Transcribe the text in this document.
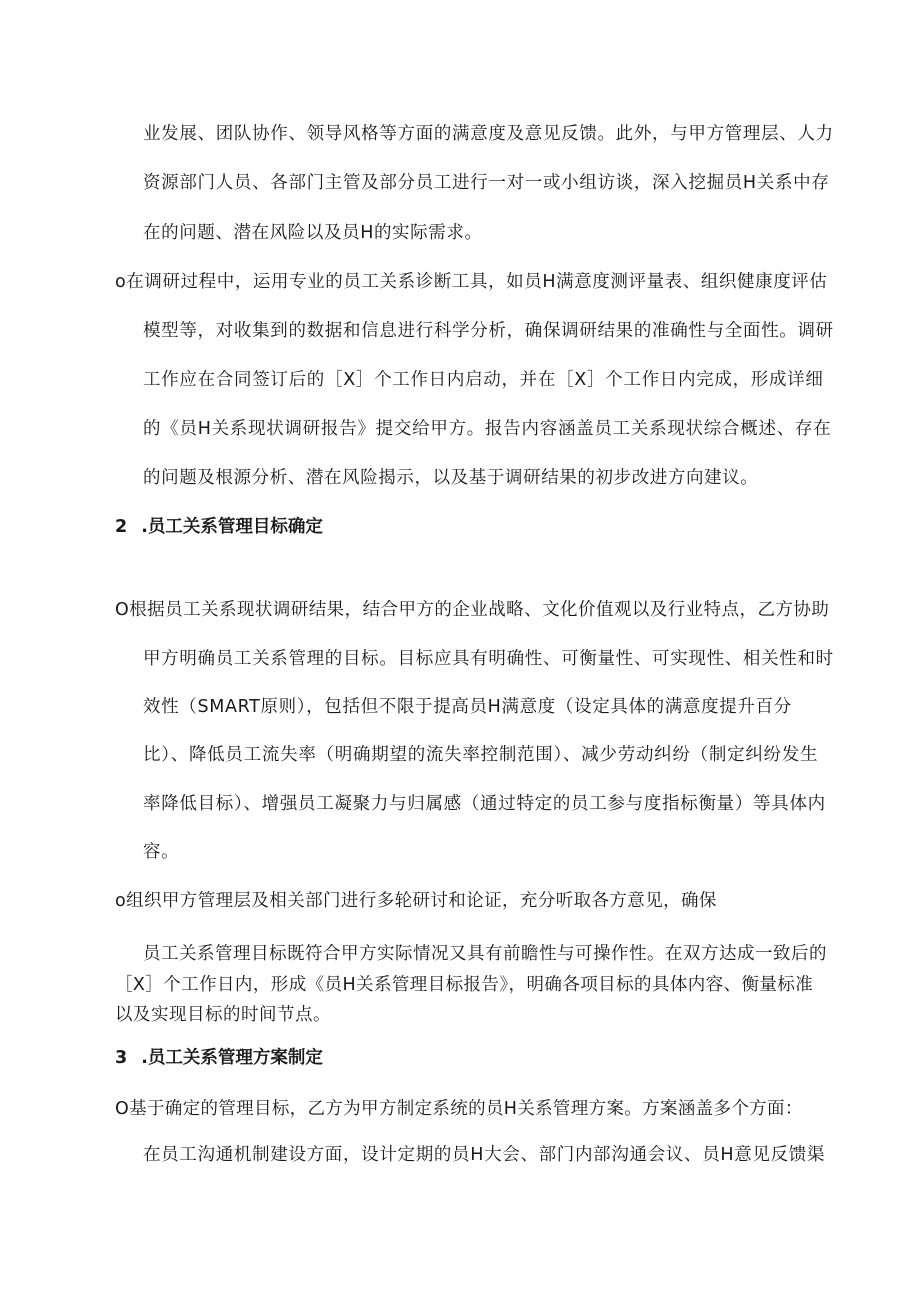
业发展、团队协作、领导风格等方面的满意度及意见反馈。此外，与甲方管理层、人力
资源部门人员、各部门主管及部分员工进行一对一或小组访谈，深入挖掘员H关系中存
在的问题、潜在风险以及员H的实际需求。
o在调研过程中，运用专业的员工关系诊断工具，如员H满意度测评量表、组织健康度评估
模型等，对收集到的数据和信息进行科学分析，确保调研结果的准确性与全面性。调研
工作应在合同签订后的［X］个工作日内启动，并在［X］个工作日内完成，形成详细
的《员H关系现状调研报告》提交给甲方。报告内容涵盖员工关系现状综合概述、存在
的问题及根源分析、潜在风险揭示，以及基于调研结果的初步改进方向建议。
2 .员工关系管理目标确定
O根据员工关系现状调研结果，结合甲方的企业战略、文化价值观以及行业特点，乙方协助
甲方明确员工关系管理的目标。目标应具有明确性、可衡量性、可实现性、相关性和时
效性（SMART原则），包括但不限于提高员H满意度（设定具体的满意度提升百分
比）、降低员工流失率（明确期望的流失率控制范围）、减少劳动纠纷（制定纠纷发生
率降低目标）、增强员工凝聚力与归属感（通过特定的员工参与度指标衡量）等具体内
容。
o组织甲方管理层及相关部门进行多轮研讨和论证，充分听取各方意见，确保
员工关系管理目标既符合甲方实际情况又具有前瞻性与可操作性。在双方达成一致后的
［X］个工作日内，形成《员H关系管理目标报告》，明确各项目标的具体内容、衡量标准
以及实现目标的时间节点。
3 .员工关系管理方案制定
O基于确定的管理目标，乙方为甲方制定系统的员H关系管理方案。方案涵盖多个方面：
在员工沟通机制建设方面，设计定期的员H大会、部门内部沟通会议、员H意见反馈渠
